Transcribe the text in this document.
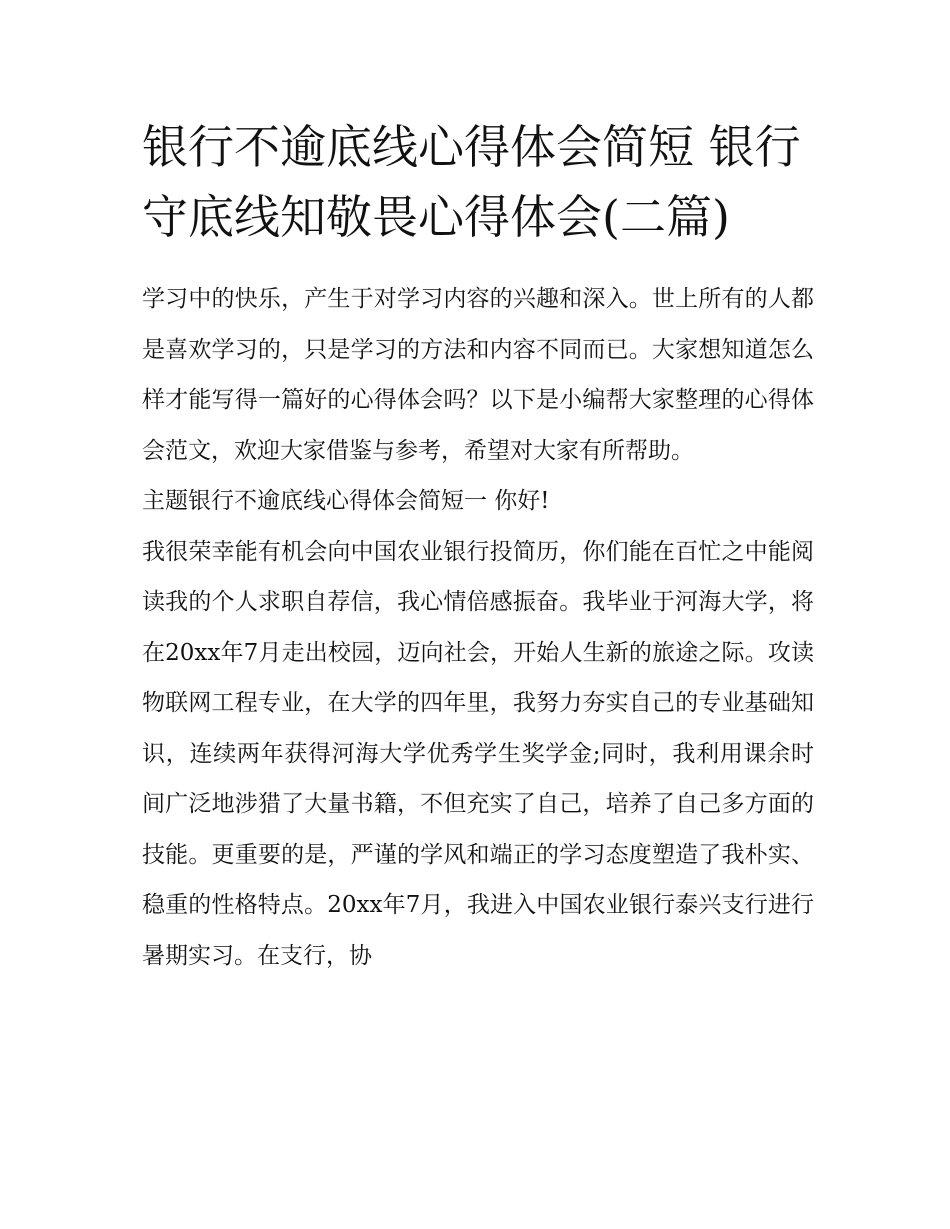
银行不逾底线心得体会简短 银行守底线知敬畏心得体会(二篇)

学习中的快乐，产生于对学习内容的兴趣和深入。世上所有的人都是喜欢学习的，只是学习的方法和内容不同而已。大家想知道怎么样才能写得一篇好的心得体会吗？以下是小编帮大家整理的心得体会范文，欢迎大家借鉴与参考，希望对大家有所帮助。

主题银行不逾底线心得体会简短一 你好!

我很荣幸能有机会向中国农业银行投简历，你们能在百忙之中能阅读我的个人求职自荐信，我心情倍感振奋。我毕业于河海大学，将在20xx年7月走出校园，迈向社会，开始人生新的旅途之际。攻读物联网工程专业，在大学的四年里，我努力夯实自己的专业基础知识，连续两年获得河海大学优秀学生奖学金;同时，我利用课余时间广泛地涉猎了大量书籍，不但充实了自己，培养了自己多方面的技能。更重要的是，严谨的学风和端正的学习态度塑造了我朴实、稳重的性格特点。20xx年7月，我进入中国农业银行泰兴支行进行暑期实习。在支行，协
